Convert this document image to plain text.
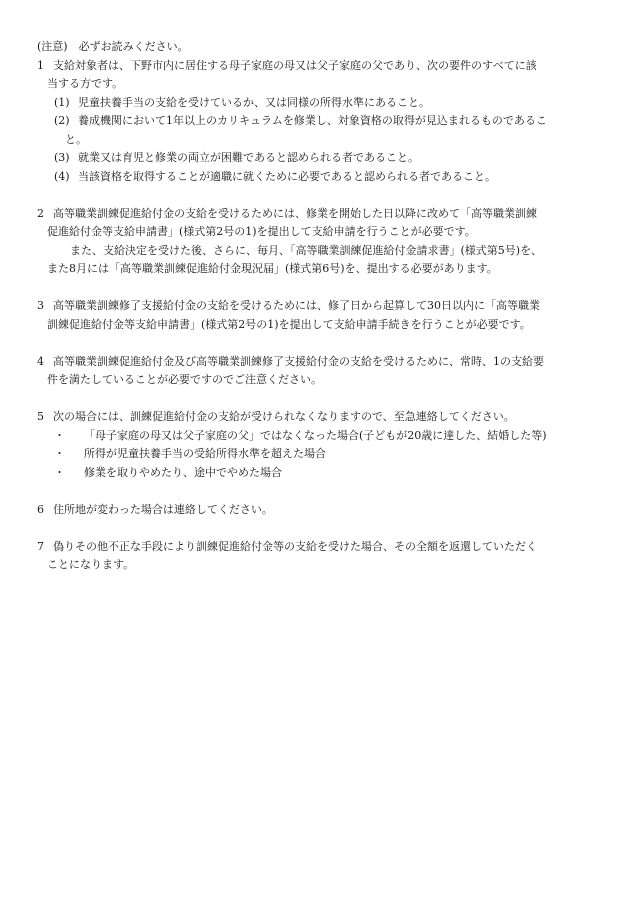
(注意)　必ずお読みください。
1 支給対象者は、下野市内に居住する母子家庭の母又は父子家庭の父であり、次の要件のすべてに該
当する方です。
(1) 児童扶養手当の支給を受けているか、又は同様の所得水準にあること。
(2) 養成機関において1年以上のカリキュラムを修業し、対象資格の取得が見込まれるものであるこ
と。
(3) 就業又は育児と修業の両立が困難であると認められる者であること。
(4) 当該資格を取得することが適職に就くために必要であると認められる者であること。
2 高等職業訓練促進給付金の支給を受けるためには、修業を開始した日以降に改めて「高等職業訓練
促進給付金等支給申請書」(様式第2号の1)を提出して支給申請を行うことが必要です。
また、支給決定を受けた後、さらに、毎月、「高等職業訓練促進給付金請求書」(様式第5号)を、
また8月には「高等職業訓練促進給付金現況届」(様式第6号)を、提出する必要があります。
3 高等職業訓練修了支援給付金の支給を受けるためには、修了日から起算して30日以内に「高等職業
訓練促進給付金等支給申請書」(様式第2号の1)を提出して支給申請手続きを行うことが必要です。
4 高等職業訓練促進給付金及び高等職業訓練修了支援給付金の支給を受けるために、常時、1の支給要
件を満たしていることが必要ですのでご注意ください。
5 次の場合には、訓練促進給付金の支給が受けられなくなりますので、至急連絡してください。
・ 「母子家庭の母又は父子家庭の父」ではなくなった場合(子どもが20歳に達した、結婚した等)
・ 所得が児童扶養手当の受給所得水準を超えた場合
・ 修業を取りやめたり、途中でやめた場合
6 住所地が変わった場合は連絡してください。
7 偽りその他不正な手段により訓練促進給付金等の支給を受けた場合、その全額を返還していただく
ことになります。
